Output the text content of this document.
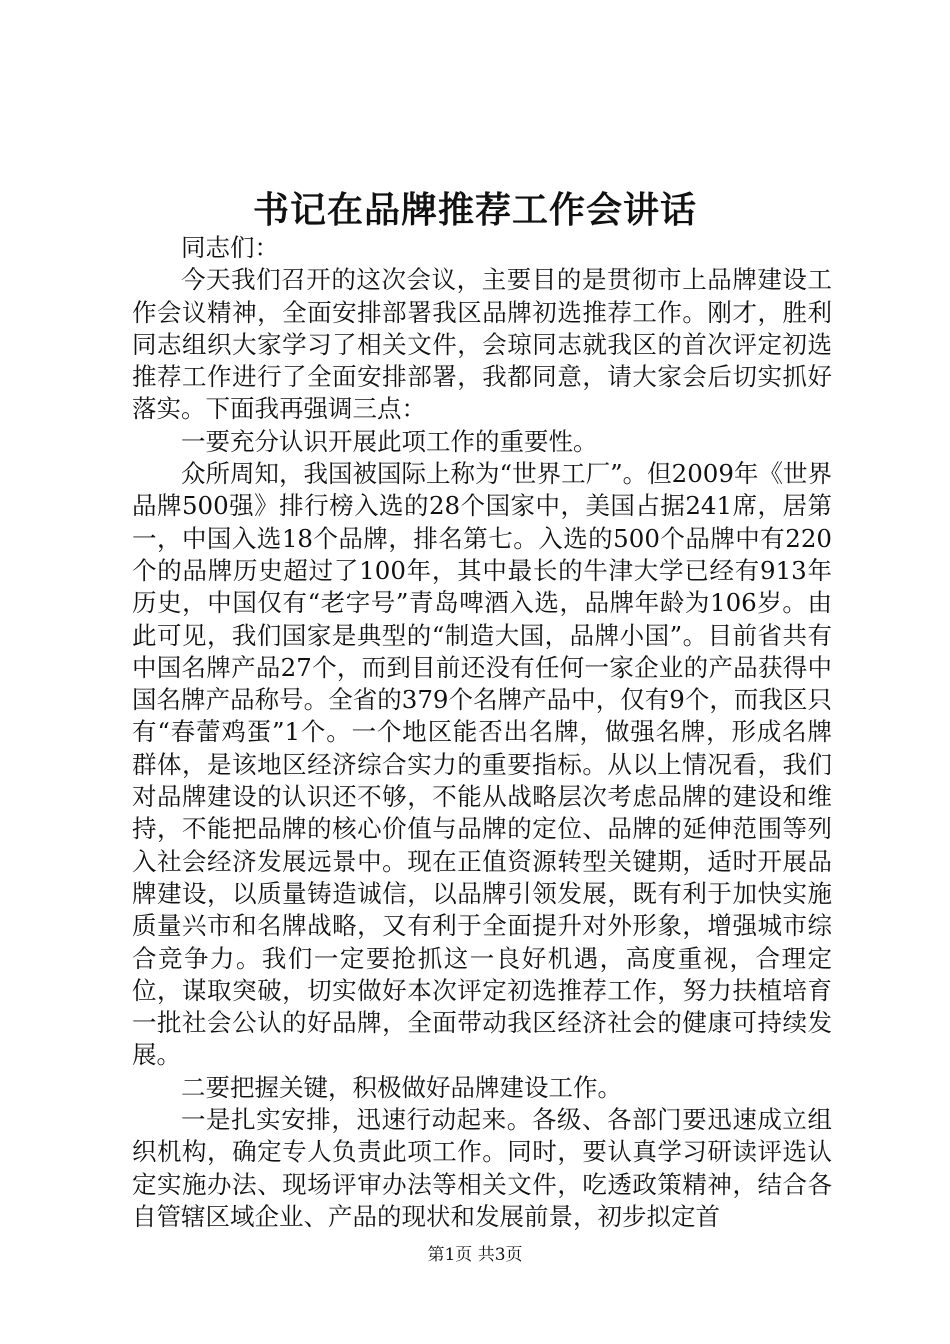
书记在品牌推荐工作会讲话

同志们：

今天我们召开的这次会议，主要目的是贯彻市上品牌建设工作会议精神，全面安排部署我区品牌初选推荐工作。刚才，胜利同志组织大家学习了相关文件，会琼同志就我区的首次评定初选推荐工作进行了全面安排部署，我都同意，请大家会后切实抓好落实。下面我再强调三点：

一要充分认识开展此项工作的重要性。

众所周知，我国被国际上称为“世界工厂”。但2009年《世界品牌500强》排行榜入选的28个国家中，美国占据241席，居第一，中国入选18个品牌，排名第七。入选的500个品牌中有220个的品牌历史超过了100年，其中最长的牛津大学已经有913年历史，中国仅有“老字号”青岛啤酒入选，品牌年龄为106岁。由此可见，我们国家是典型的“制造大国，品牌小国”。目前省共有中国名牌产品27个，而到目前还没有任何一家企业的产品获得中国名牌产品称号。全省的379个名牌产品中，仅有9个，而我区只有“春蕾鸡蛋”1个。一个地区能否出名牌，做强名牌，形成名牌群体，是该地区经济综合实力的重要指标。从以上情况看，我们对品牌建设的认识还不够，不能从战略层次考虑品牌的建设和维持，不能把品牌的核心价值与品牌的定位、品牌的延伸范围等列入社会经济发展远景中。现在正值资源转型关键期，适时开展品牌建设，以质量铸造诚信，以品牌引领发展，既有利于加快实施质量兴市和名牌战略，又有利于全面提升对外形象，增强城市综合竞争力。我们一定要抢抓这一良好机遇，高度重视，合理定位，谋取突破，切实做好本次评定初选推荐工作，努力扶植培育一批社会公认的好品牌，全面带动我区经济社会的健康可持续发展。

二要把握关键，积极做好品牌建设工作。

一是扎实安排，迅速行动起来。各级、各部门要迅速成立组织机构，确定专人负责此项工作。同时，要认真学习研读评选认定实施办法、现场评审办法等相关文件，吃透政策精神，结合各自管辖区域企业、产品的现状和发展前景，初步拟定首

第1页 共3页
